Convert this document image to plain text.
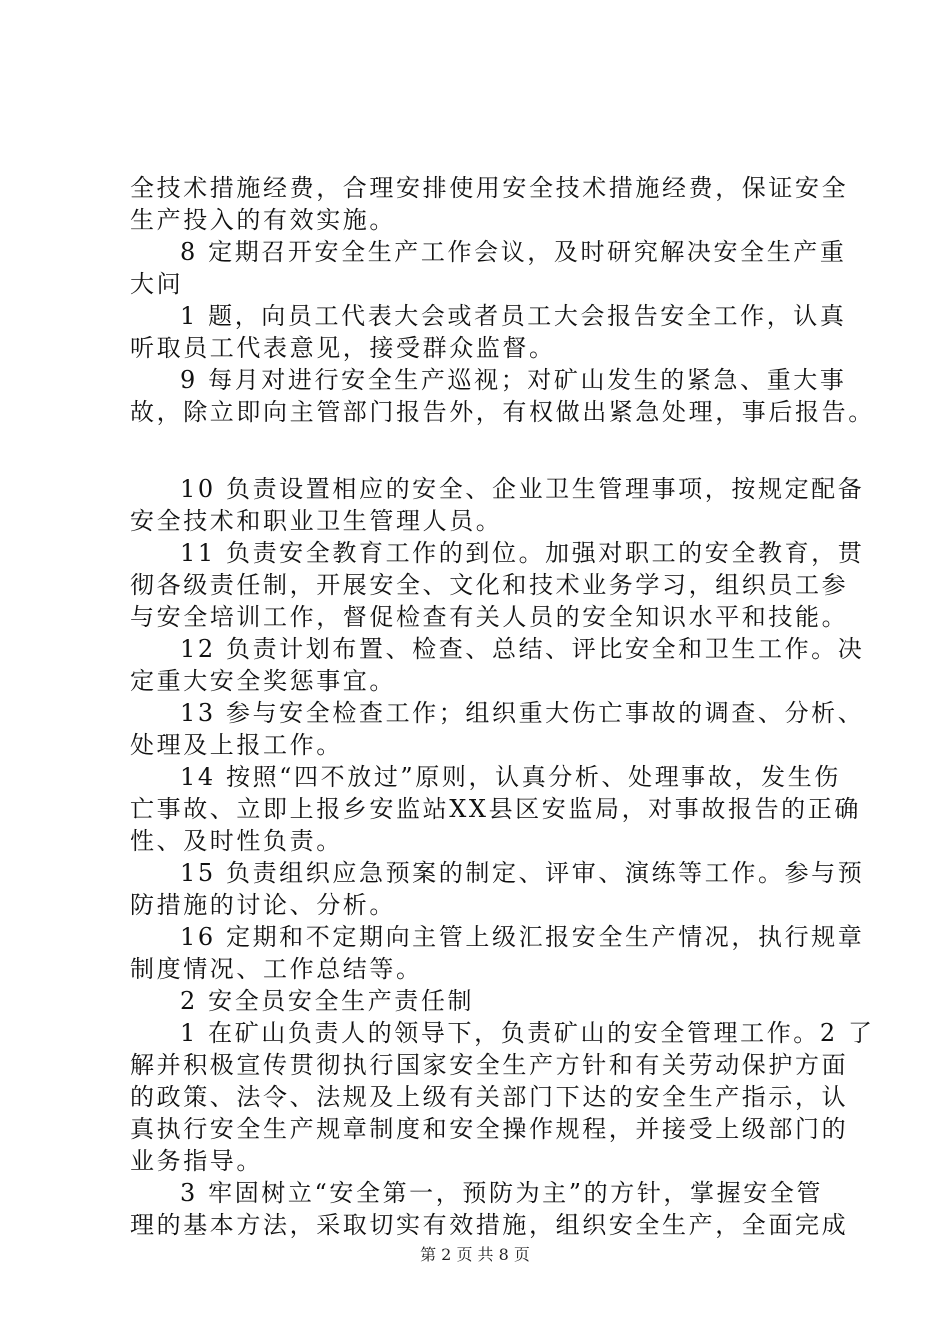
全技术措施经费，合理安排使用安全技术措施经费，保证安全
生产投入的有效实施。
8 定期召开安全生产工作会议，及时研究解决安全生产重
大问
1 题，向员工代表大会或者员工大会报告安全工作，认真
听取员工代表意见，接受群众监督。
9 每月对进行安全生产巡视；对矿山发生的紧急、重大事
故，除立即向主管部门报告外，有权做出紧急处理，事后报告。
10 负责设置相应的安全、企业卫生管理事项，按规定配备
安全技术和职业卫生管理人员。
11 负责安全教育工作的到位。加强对职工的安全教育，贯
彻各级责任制，开展安全、文化和技术业务学习，组织员工参
与安全培训工作，督促检查有关人员的安全知识水平和技能。
12 负责计划布置、检查、总结、评比安全和卫生工作。决
定重大安全奖惩事宜。
13 参与安全检查工作；组织重大伤亡事故的调查、分析、
处理及上报工作。
14 按照“四不放过”原则，认真分析、处理事故，发生伤
亡事故、立即上报乡安监站XX县区安监局，对事故报告的正确
性、及时性负责。
15 负责组织应急预案的制定、评审、演练等工作。参与预
防措施的讨论、分析。
16 定期和不定期向主管上级汇报安全生产情况，执行规章
制度情况、工作总结等。
2 安全员安全生产责任制
1 在矿山负责人的领导下，负责矿山的安全管理工作。2 了
解并积极宣传贯彻执行国家安全生产方针和有关劳动保护方面
的政策、法令、法规及上级有关部门下达的安全生产指示，认
真执行安全生产规章制度和安全操作规程，并接受上级部门的
业务指导。
3 牢固树立“安全第一，预防为主”的方针，掌握安全管
理的基本方法，采取切实有效措施，组织安全生产，全面完成
第 2 页 共 8 页
